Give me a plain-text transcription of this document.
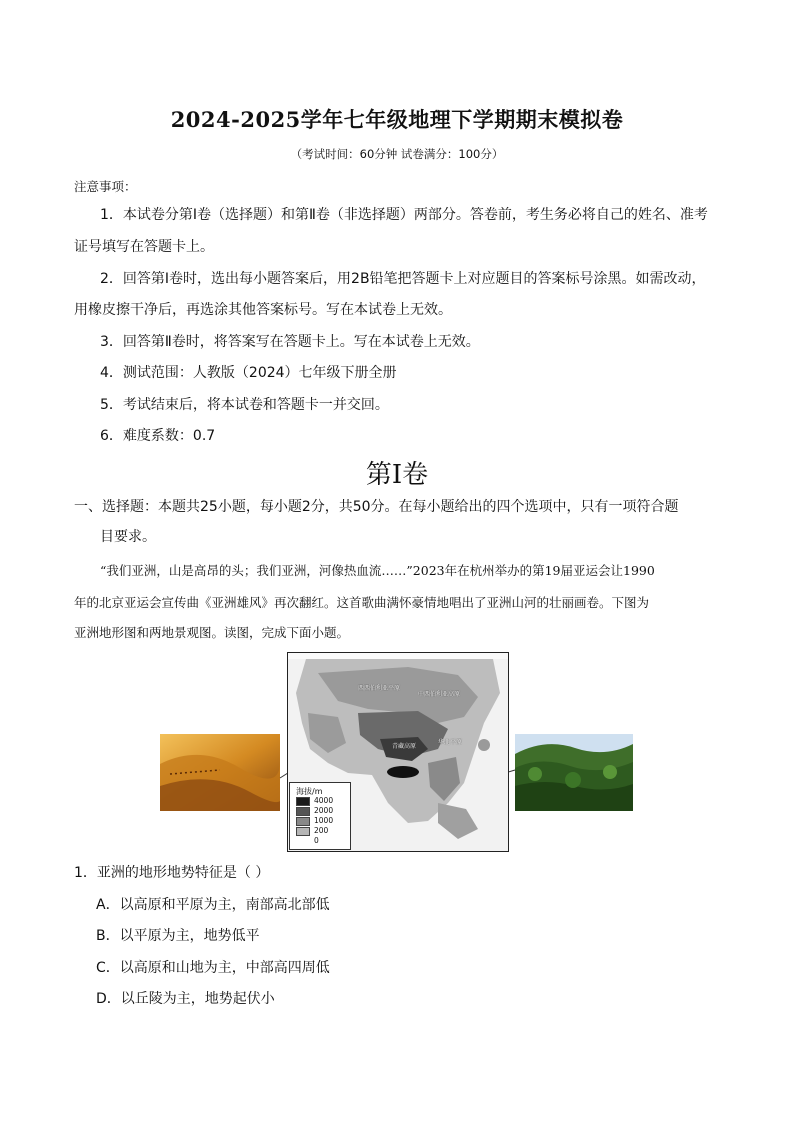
2024-2025学年七年级地理下学期期末模拟卷
（考试时间：60分钟 试卷满分：100分）
注意事项：
1．本试卷分第Ⅰ卷（选择题）和第Ⅱ卷（非选择题）两部分。答卷前，考生务必将自己的姓名、准考
证号填写在答题卡上。
2．回答第Ⅰ卷时，选出每小题答案后，用2B铅笔把答题卡上对应题目的答案标号涂黑。如需改动，
用橡皮擦干净后，再选涂其他答案标号。写在本试卷上无效。
3．回答第Ⅱ卷时，将答案写在答题卡上。写在本试卷上无效。
4．测试范围：人教版（2024）七年级下册全册
5．考试结束后，将本试卷和答题卡一并交回。
6．难度系数：0.7
第Ⅰ卷
一、选择题：本题共25小题，每小题2分，共50分。在每小题给出的四个选项中，只有一项符合题
目要求。
“我们亚洲，山是高昂的头；我们亚洲，河像热血流……”2023年在杭州举办的第19届亚运会让1990
年的北京亚运会宣传曲《亚洲雄风》再次翻红。这首歌曲满怀豪情地唱出了亚洲山河的壮丽画卷。下图为
亚洲地形图和两地景观图。读图，完成下面小题。
西西伯利亚平原
中西伯利亚高原
青藏高原
华北平原
海拔/m
4000
2000
1000
200
0
1．亚洲的地形地势特征是（ ）
A．以高原和平原为主，南部高北部低
B．以平原为主，地势低平
C．以高原和山地为主，中部高四周低
D．以丘陵为主，地势起伏小
